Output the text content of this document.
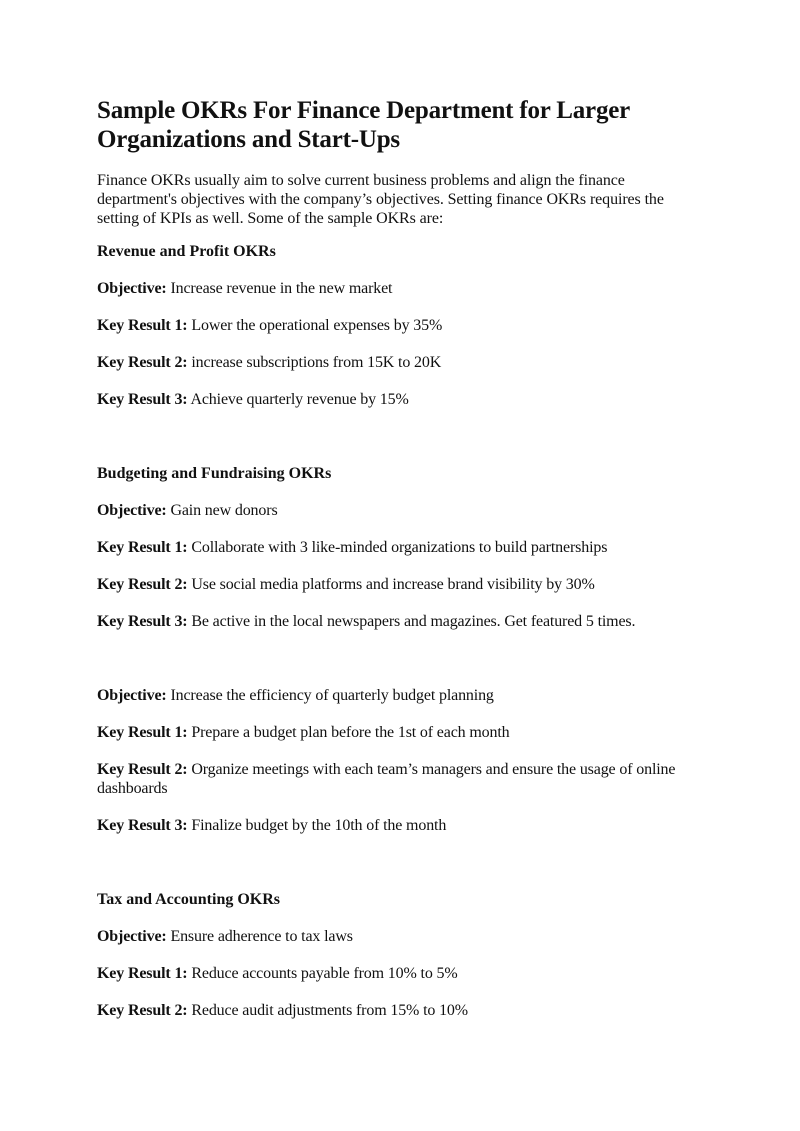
Sample OKRs For Finance Department for Larger Organizations and Start-Ups

Finance OKRs usually aim to solve current business problems and align the finance department's objectives with the company’s objectives. Setting finance OKRs requires the setting of KPIs as well. Some of the sample OKRs are:

Revenue and Profit OKRs
Objective: Increase revenue in the new market
Key Result 1: Lower the operational expenses by 35%
Key Result 2: increase subscriptions from 15K to 20K
Key Result 3: Achieve quarterly revenue by 15%
Budgeting and Fundraising OKRs
Objective: Gain new donors
Key Result 1: Collaborate with 3 like-minded organizations to build partnerships
Key Result 2: Use social media platforms and increase brand visibility by 30%
Key Result 3: Be active in the local newspapers and magazines. Get featured 5 times.
Objective: Increase the efficiency of quarterly budget planning
Key Result 1: Prepare a budget plan before the 1st of each month
Key Result 2: Organize meetings with each team’s managers and ensure the usage of online dashboards
Key Result 3: Finalize budget by the 10th of the month
Tax and Accounting OKRs
Objective: Ensure adherence to tax laws
Key Result 1: Reduce accounts payable from 10% to 5%
Key Result 2: Reduce audit adjustments from 15% to 10%
